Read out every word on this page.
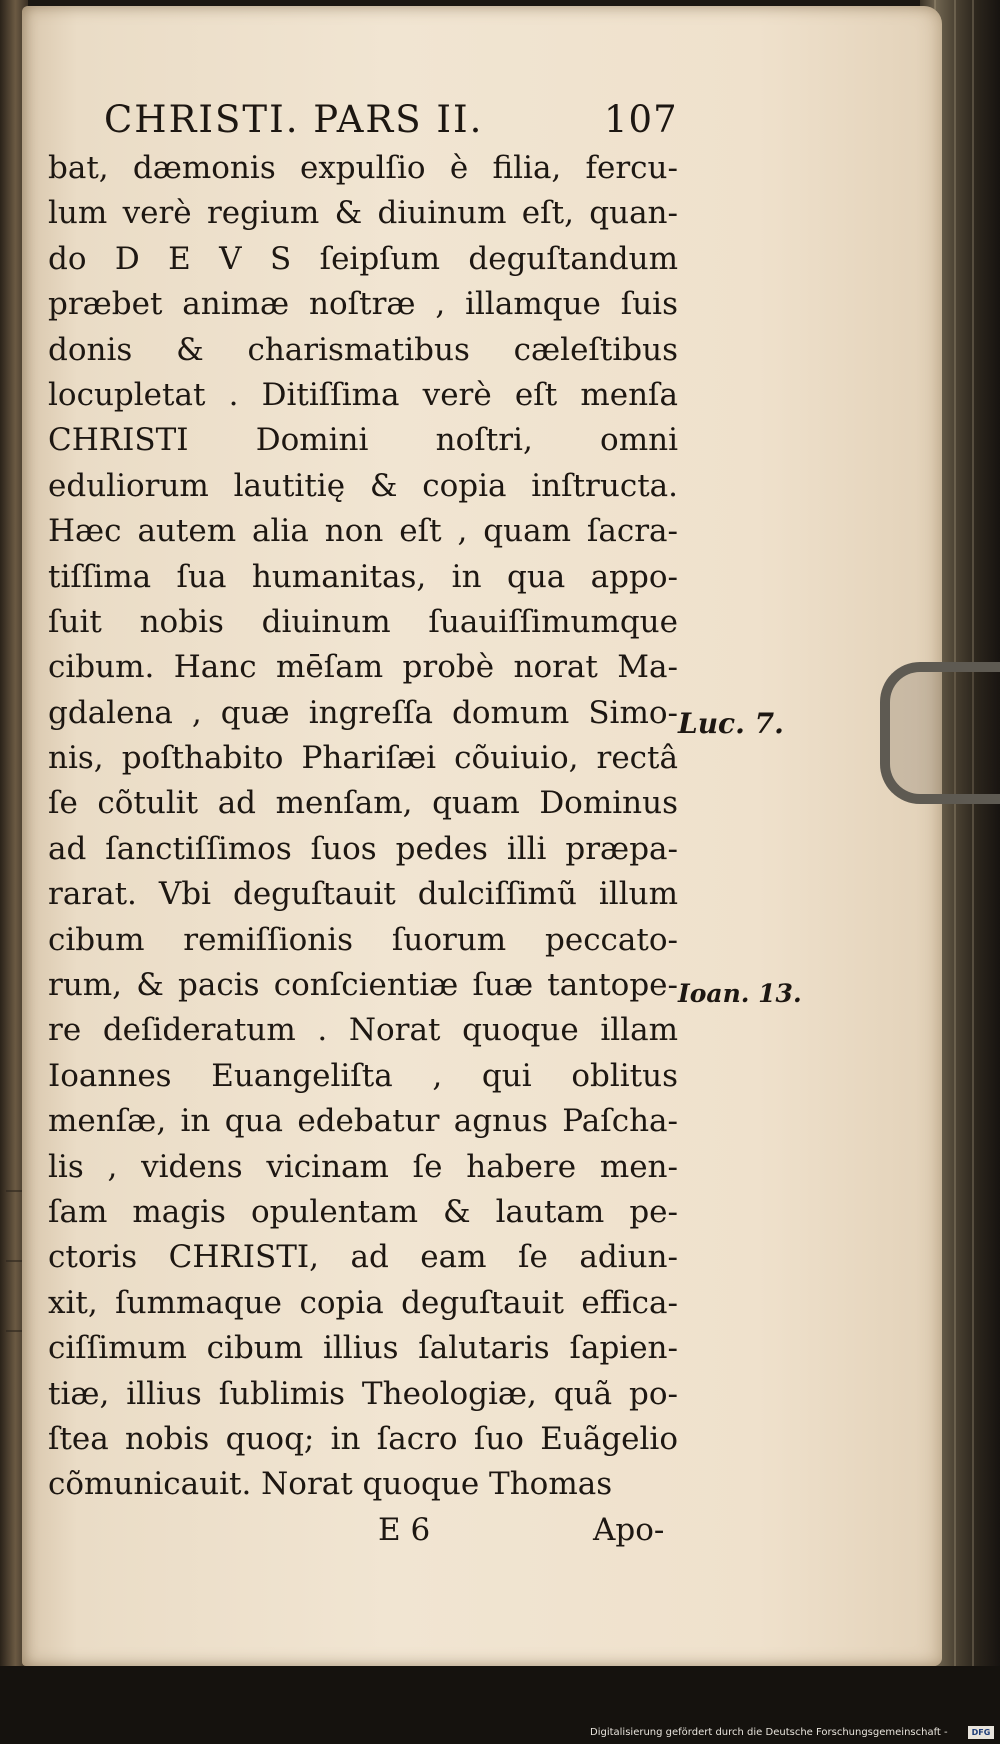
CHRISTI. PARS II.	107
bat, dæmonis expulſio è filia, fercu-
lum verè regium & diuinum eſt, quan-
do D E V S ſeipſum deguſtandum
præbet animæ noſtræ , illamque ſuis
donis & charismatibus cæleſtibus
locupletat . Ditiſſima verè eſt menſa
CHRISTI Domini noſtri, omni
eduliorum lautitię & copia inſtructa.
Hæc autem alia non eſt , quam ſacra-
tiſſima ſua humanitas, in qua appo-
ſuit nobis diuinum ſuauiſſimumque
cibum. Hanc mēſam probè norat Ma-
gdalena , quæ ingreſſa domum Simo-
nis, poſthabito Phariſæi cõuiuio, rectâ
ſe cõtulit ad menſam, quam Dominus
ad ſanctiſſimos ſuos pedes illi præpa-
rarat. Vbi deguſtauit dulciſſimũ illum
cibum remiſſionis ſuorum peccato-
rum, & pacis conſcientiæ ſuæ tantope-
re deſideratum . Norat quoque illam
Ioannes Euangeliſta , qui oblitus
menſæ, in qua edebatur agnus Paſcha-
lis , videns vicinam ſe habere men-
ſam magis opulentam & lautam pe-
ctoris CHRISTI, ad eam ſe adiun-
xit, ſummaque copia deguſtauit effica-
ciſſimum cibum illius ſalutaris ſapien-
tiæ, illius ſublimis Theologiæ, quã po-
ſtea nobis quoq; in ſacro ſuo Euãgelio
cõmunicauit. Norat quoque Thomas
E 6	Apo-
Luc. 7.
Ioan. 13.
Digitalisierung gefördert durch die Deutsche Forschungsgemeinschaft -	DFG
